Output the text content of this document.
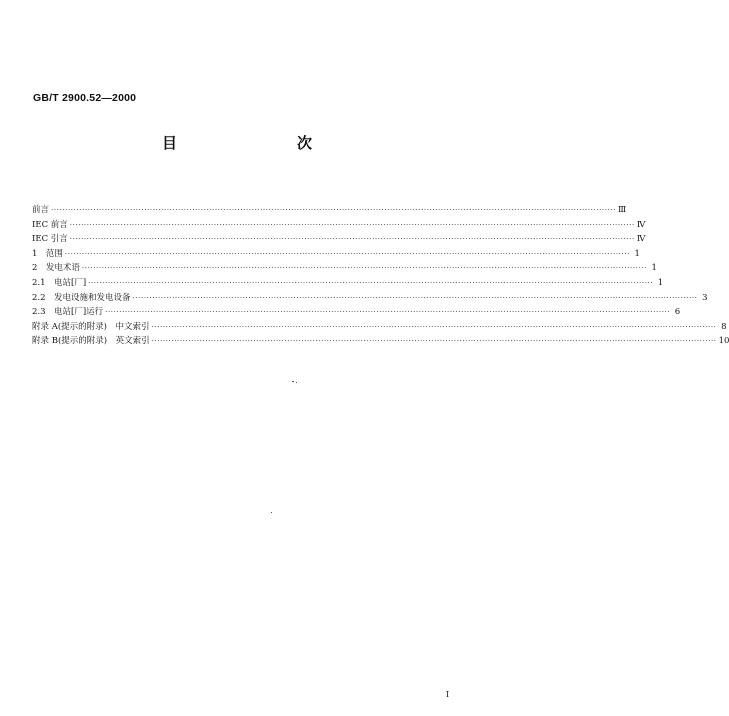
GB/T 2900.52—2000
目　　次
前言 ········································································································································································································ Ⅲ
IEC 前言 ········································································································································································································ Ⅳ
IEC 引言 ········································································································································································································ Ⅳ
1　范围 ········································································································································································································ 1
2　发电术语 ········································································································································································································ 1
2.1　电站[厂] ········································································································································································································ 1
2.2　发电设施和发电设备 ········································································································································································································ 3
2.3　电站[厂]运行 ········································································································································································································ 6
附录 A(提示的附录)　中文索引 ········································································································································································································ 8
附录 B(提示的附录)　英文索引 ········································································································································································································ 10
I
